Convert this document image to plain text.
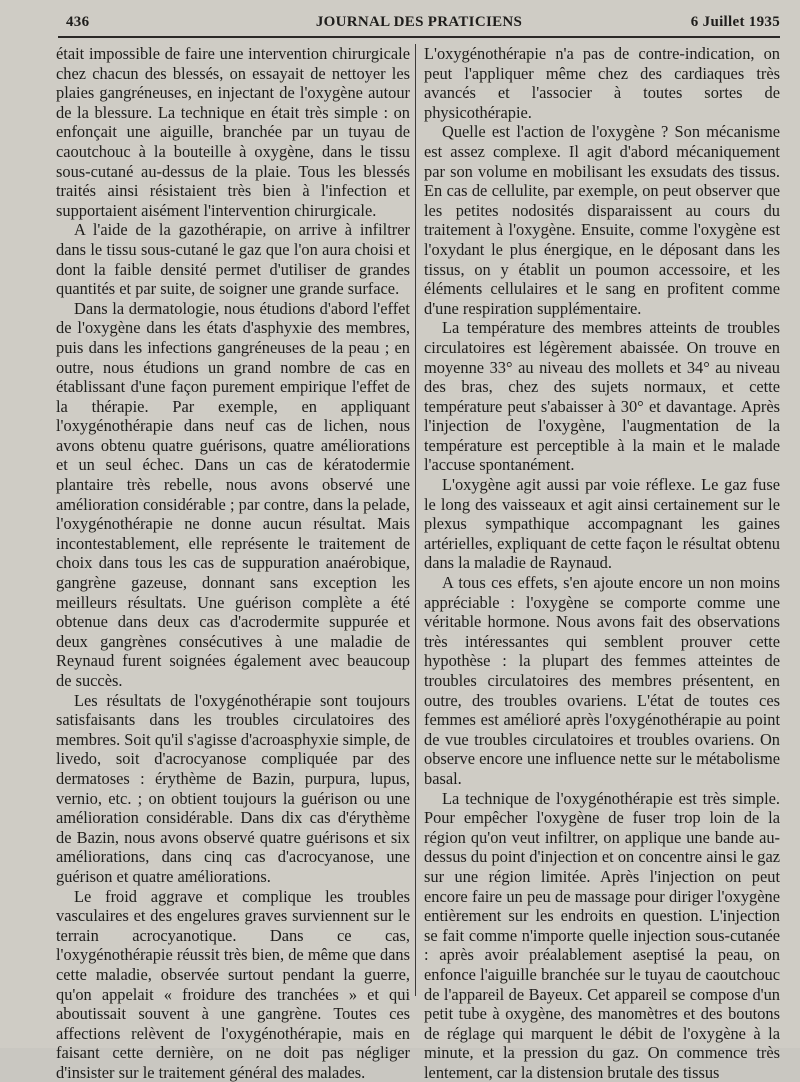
436	JOURNAL DES PRATICIENS	6 Juillet 1935

était impossible de faire une intervention chirurgicale chez chacun des blessés, on essayait de nettoyer les plaies gangréneuses, en injectant de l'oxygène autour de la blessure. La technique en était très simple : on enfonçait une aiguille, branchée par un tuyau de caoutchouc à la bouteille à oxygène, dans le tissu sous-cutané au-dessus de la plaie. Tous les blessés traités ainsi résistaient très bien à l'infection et supportaient aisément l'intervention chirurgicale.

A l'aide de la gazothérapie, on arrive à infiltrer dans le tissu sous-cutané le gaz que l'on aura choisi et dont la faible densité permet d'utiliser de grandes quantités et par suite, de soigner une grande surface.

Dans la dermatologie, nous étudions d'abord l'effet de l'oxygène dans les états d'asphyxie des membres, puis dans les infections gangréneuses de la peau ; en outre, nous étudions un grand nombre de cas en établissant d'une façon purement empirique l'effet de la thérapie. Par exemple, en appliquant l'oxygénothérapie dans neuf cas de lichen, nous avons obtenu quatre guérisons, quatre améliorations et un seul échec. Dans un cas de kératodermie plantaire très rebelle, nous avons observé une amélioration considérable ; par contre, dans la pelade, l'oxygénothérapie ne donne aucun résultat. Mais incontestablement, elle représente le traitement de choix dans tous les cas de suppuration anaérobique, gangrène gazeuse, donnant sans exception les meilleurs résultats. Une guérison complète a été obtenue dans deux cas d'acrodermite suppurée et deux gangrènes consécutives à une maladie de Reynaud furent soignées également avec beaucoup de succès.

Les résultats de l'oxygénothérapie sont toujours satisfaisants dans les troubles circulatoires des membres. Soit qu'il s'agisse d'acroasphyxie simple, de livedo, soit d'acrocyanose compliquée par des dermatoses : érythème de Bazin, purpura, lupus, vernio, etc. ; on obtient toujours la guérison ou une amélioration considérable. Dans dix cas d'érythème de Bazin, nous avons observé quatre guérisons et six améliorations, dans cinq cas d'acrocyanose, une guérison et quatre améliorations.

Le froid aggrave et complique les troubles vasculaires et des engelures graves surviennent sur le terrain acrocyanotique. Dans ce cas, l'oxygénothérapie réussit très bien, de même que dans cette maladie, observée surtout pendant la guerre, qu'on appelait « froidure des tranchées » et qui aboutissait souvent à une gangrène. Toutes ces affections relèvent de l'oxygénothérapie, mais en faisant cette dernière, on ne doit pas négliger d'insister sur le traitement général des malades.

L'oxygénothérapie n'a pas de contre-indication, on peut l'appliquer même chez des cardiaques très avancés et l'associer à toutes sortes de physicothérapie.

Quelle est l'action de l'oxygène ? Son mécanisme est assez complexe. Il agit d'abord mécaniquement par son volume en mobilisant les exsudats des tissus. En cas de cellulite, par exemple, on peut observer que les petites nodosités disparaissent au cours du traitement à l'oxygène. Ensuite, comme l'oxygène est l'oxydant le plus énergique, en le déposant dans les tissus, on y établit un poumon accessoire, et les éléments cellulaires et le sang en profitent comme d'une respiration supplémentaire.

La température des membres atteints de troubles circulatoires est légèrement abaissée. On trouve en moyenne 33° au niveau des mollets et 34° au niveau des bras, chez des sujets normaux, et cette température peut s'abaisser à 30° et davantage. Après l'injection de l'oxygène, l'augmentation de la température est perceptible à la main et le malade l'accuse spontanément.

L'oxygène agit aussi par voie réflexe. Le gaz fuse le long des vaisseaux et agit ainsi certainement sur le plexus sympathique accompagnant les gaines artérielles, expliquant de cette façon le résultat obtenu dans la maladie de Raynaud.

A tous ces effets, s'en ajoute encore un non moins appréciable : l'oxygène se comporte comme une véritable hormone. Nous avons fait des observations très intéressantes qui semblent prouver cette hypothèse : la plupart des femmes atteintes de troubles circulatoires des membres présentent, en outre, des troubles ovariens. L'état de toutes ces femmes est amélioré après l'oxygénothérapie au point de vue troubles circulatoires et troubles ovariens. On observe encore une influence nette sur le métabolisme basal.

La technique de l'oxygénothérapie est très simple. Pour empêcher l'oxygène de fuser trop loin de la région qu'on veut infiltrer, on applique une bande au-dessus du point d'injection et on concentre ainsi le gaz sur une région limitée. Après l'injection on peut encore faire un peu de massage pour diriger l'oxygène entièrement sur les endroits en question. L'injection se fait comme n'importe quelle injection sous-cutanée : après avoir préalablement aseptisé la peau, on enfonce l'aiguille branchée sur le tuyau de caoutchouc de l'appareil de Bayeux. Cet appareil se compose d'un petit tube à oxygène, des manomètres et des boutons de réglage qui marquent le débit de l'oxygène à la minute, et la pression du gaz. On commence très lentement, car la distension brutale des tissus
